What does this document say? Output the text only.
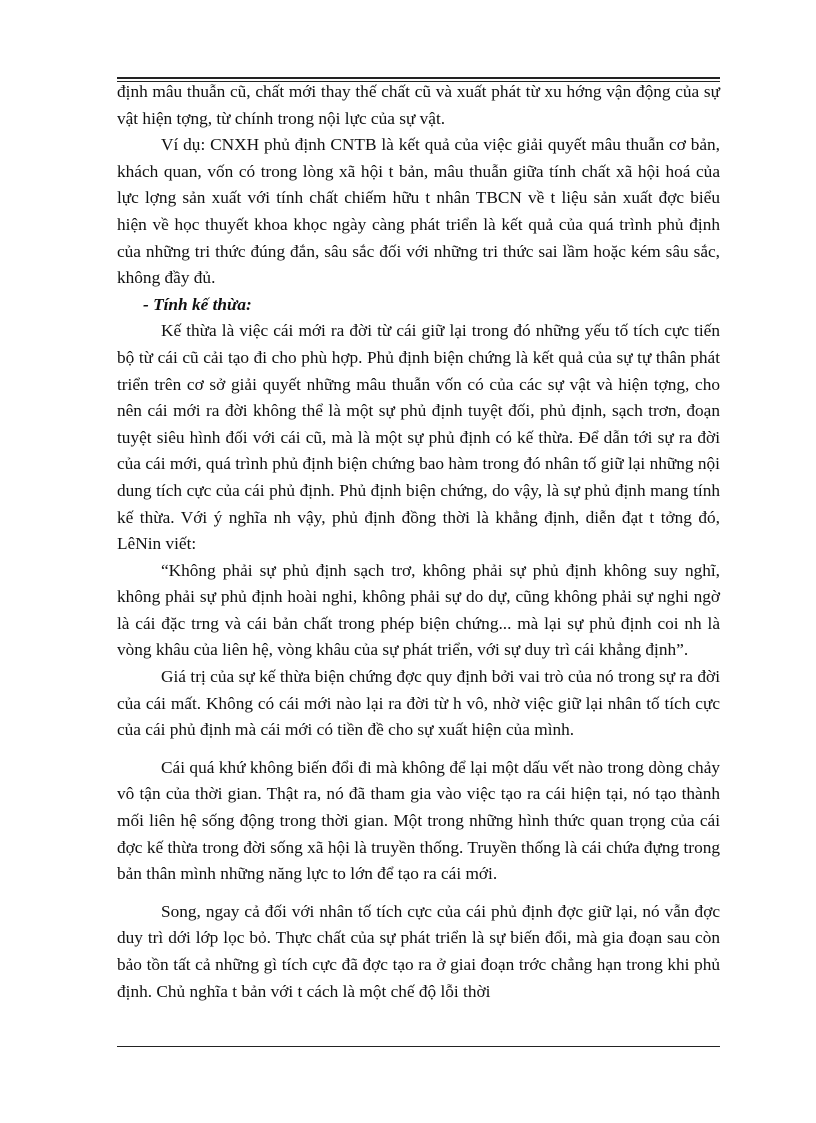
định mâu thuẫn cũ, chất mới thay thế chất cũ và xuất phát từ xu hớng vận động của sự vật hiện tợng, từ chính trong nội lực của sự vật.

Ví dụ: CNXH phủ định CNTB là kết quả của việc giải quyết mâu thuẫn cơ bản, khách quan, vốn có trong lòng xã hội t bản, mâu thuẫn giữa tính chất xã hội hoá của lực lợng sản xuất với tính chất chiếm hữu t nhân TBCN về t liệu sản xuất đợc biểu hiện về học thuyết khoa khọc ngày càng phát triển là kết quả của quá trình phủ định của những tri thức đúng đắn, sâu sắc đối với những tri thức sai lầm hoặc kém sâu sắc, không đầy đủ.

- Tính kế thừa:

Kế thừa là việc cái mới ra đời từ cái giữ lại trong đó những yếu tố tích cực tiến bộ từ cái cũ cải tạo đi cho phù hợp. Phủ định biện chứng là kết quả của sự tự thân phát triển trên cơ sở giải quyết những mâu thuẫn vốn có của các sự vật và hiện tợng, cho nên cái mới ra đời không thể là một sự phủ định tuyệt đối, phủ định, sạch trơn, đoạn tuyệt siêu hình đối với cái cũ, mà là một sự phủ định có kế thừa. Để dẫn tới sự ra đời của cái mới, quá trình phủ định biện chứng bao hàm trong đó nhân tố giữ lại những nội dung tích cực của cái phủ định. Phủ định biện chứng, do vậy, là sự phủ định mang tính kế thừa. Với ý nghĩa nh vậy, phủ định đồng thời là khẳng định, diễn đạt t tởng đó, LêNin viết:

“Không phải sự phủ định sạch trơ, không phải sự phủ định không suy nghĩ, không phải sự phủ định hoài nghi, không phải sự do dự, cũng không phải sự nghi ngờ là cái đặc trng và cái bản chất trong phép biện chứng... mà lại sự phủ định coi nh là vòng khâu của liên hệ, vòng khâu của sự phát triển, với sự duy trì cái khẳng định”.

Giá trị của sự kế thừa biện chứng đợc quy định bởi vai trò của nó trong sự ra đời của cái mất. Không có cái mới nào lại ra đời từ h vô, nhờ việc giữ lại nhân tố tích cực của cái phủ định mà cái mới có tiền đề cho sự xuất hiện của mình.

Cái quá khứ không biến đổi đi mà không để lại một dấu vết nào trong dòng chảy vô tận của thời gian. Thật ra, nó đã tham gia vào việc tạo ra cái hiện tại, nó tạo thành mối liên hệ sống động trong thời gian. Một trong những hình thức quan trọng của cái đợc kế thừa trong đời sống xã hội là truyền thống. Truyền thống là cái chứa đựng trong bản thân mình những năng lực to lớn để tạo ra cái mới.

Song, ngay cả đối với nhân tố tích cực của cái phủ định đợc giữ lại, nó vẫn đợc duy trì dới lớp lọc bỏ. Thực chất của sự phát triển là sự biến đổi, mà gia đoạn sau còn bảo tồn tất cả những gì tích cực đã đợc tạo ra ở giai đoạn trớc chẳng hạn trong khi phủ định. Chủ nghĩa t bản với t cách là một chế độ lỗi thời
